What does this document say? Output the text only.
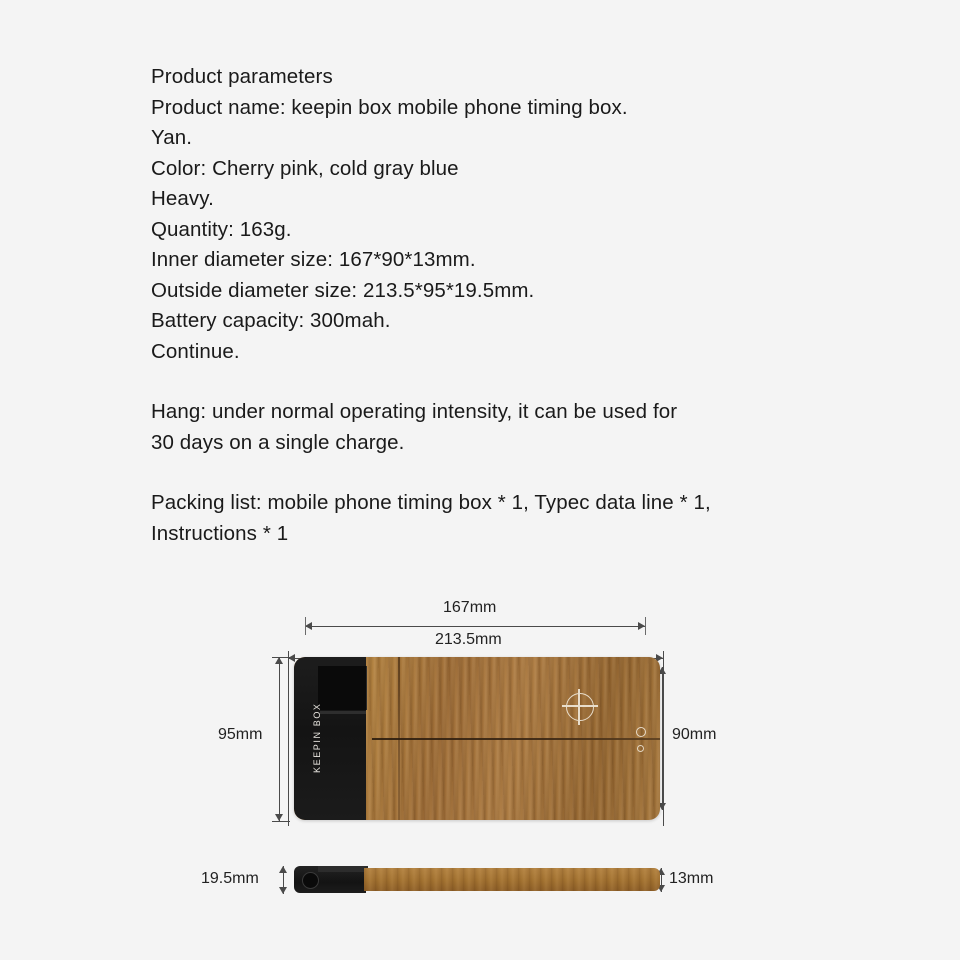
Product parameters
Product name: keepin box mobile phone timing box.
Yan.
Color: Cherry pink, cold gray blue
Heavy.
Quantity: 163g.
Inner diameter size: 167*90*13mm.
Outside diameter size: 213.5*95*19.5mm.
Battery capacity: 300mah.
Continue.
Hang: under normal operating intensity, it can be used for
30 days on a single charge.
Packing list: mobile phone timing box * 1, Typec data line * 1,
Instructions * 1
167mm
213.5mm
95mm	90mm
KEEPIN BOX
19.5mm	13mm
